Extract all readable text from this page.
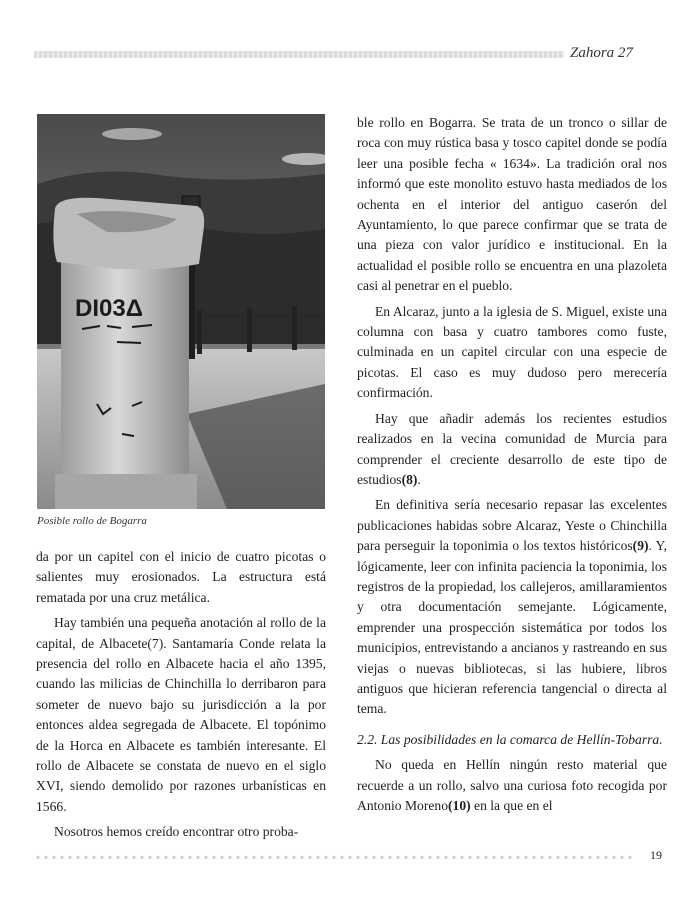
Zahora 27
DI03Δ
Posible rollo de Bogarra

da por un capitel con el inicio de cuatro picotas o salientes muy erosionados. La estructura está rematada por una cruz metálica.

Hay también una pequeña anotación al rollo de la capital, de Albacete(7). Santamaría Conde relata la presencia del rollo en Albacete hacia el año 1395, cuando las milicias de Chinchilla lo derribaron para someter de nuevo bajo su jurisdicción a la por entonces aldea segregada de Albacete. El topónimo de la Horca en Albacete es también interesante. El rollo de Albacete se constata de nuevo en el siglo XVI, siendo demolido por razones urbanísticas en 1566.

Nosotros hemos creído encontrar otro proba-

ble rollo en Bogarra. Se trata de un tronco o sillar de roca con muy rústica basa y tosco capitel donde se podía leer una posible fecha « 1634». La tradición oral nos informó que este monolito estuvo hasta mediados de los ochenta en el interior del antiguo caserón del Ayuntamiento, lo que parece confirmar que se trata de una pieza con valor jurídico e institucional. En la actualidad el posible rollo se encuentra en una plazoleta casi al penetrar en el pueblo.

En Alcaraz, junto a la iglesia de S. Miguel, existe una columna con basa y cuatro tambores como fuste, culminada en un capitel circular con una especie de picotas. El caso es muy dudoso pero merecería confirmación.

Hay que añadir además los recientes estudios realizados en la vecina comunidad de Murcia para comprender el creciente desarrollo de este tipo de estudios(8).

En definitiva sería necesario repasar las excelentes publicaciones habidas sobre Alcaraz, Yeste o Chinchilla para perseguir la toponimia o los textos históricos(9). Y, lógicamente, leer con infinita paciencia la toponimia, los registros de la propiedad, los callejeros, amillaramientos y otra documentación semejante. Lógicamente, emprender una prospección sistemática por todos los municipios, entrevistando a ancianos y rastreando en sus viejas o nuevas bibliotecas, si las hubiere, libros antiguos que hicieran referencia tangencial o directa al tema.

2.2. Las posibilidades en la comarca de Hellín-Tobarra.

No queda en Hellín ningún resto material que recuerde a un rollo, salvo una curiosa foto recogida por Antonio Moreno(10) en la que en el

19
